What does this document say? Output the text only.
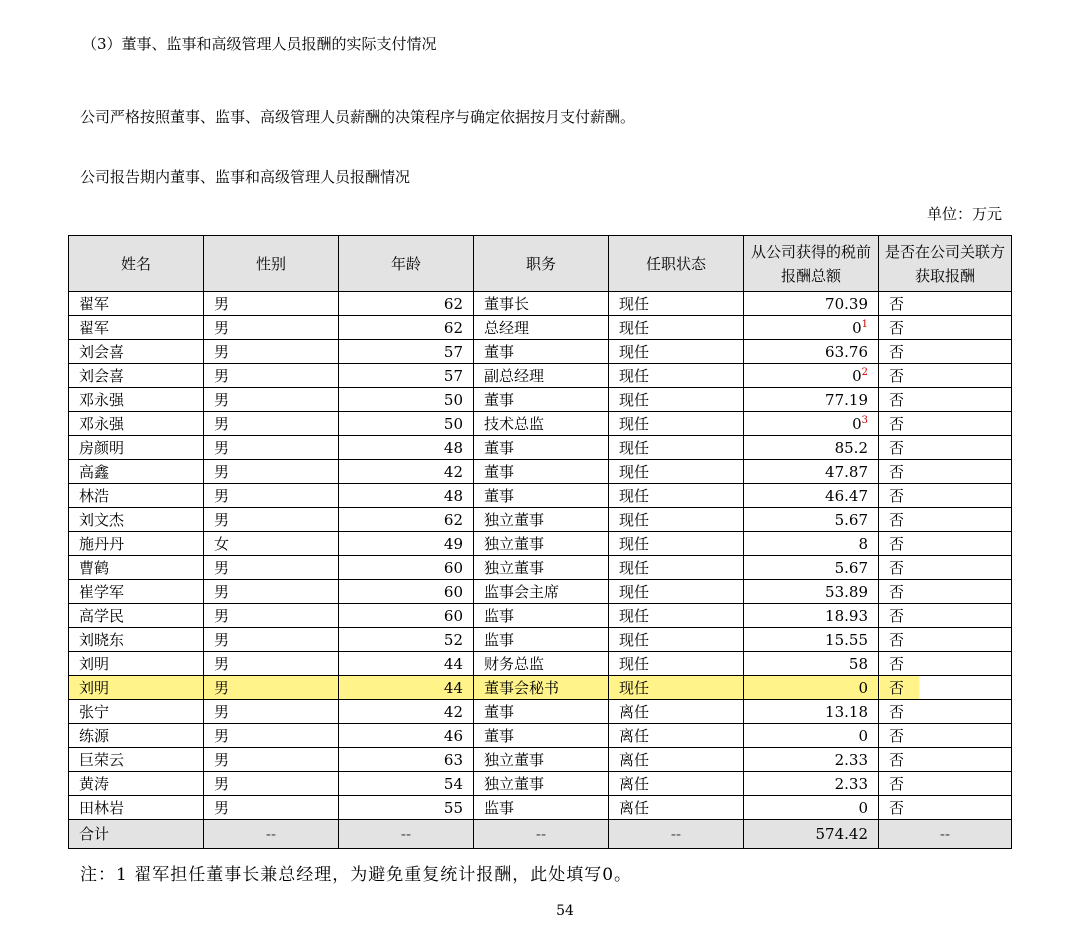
（3）董事、监事和高级管理人员报酬的实际支付情况
公司严格按照董事、监事、高级管理人员薪酬的决策程序与确定依据按月支付薪酬。
公司报告期内董事、监事和高级管理人员报酬情况
单位：万元
姓名	性别	年龄	职务	任职状态	从公司获得的税前报酬总额	是否在公司关联方获取报酬
翟军	男	62	董事长	现任	70.39	否
翟军	男	62	总经理	现任	$0^1$	否
刘会喜	男	57	董事	现任	63.76	否
刘会喜	男	57	副总经理	现任	$0^2$	否
邓永强	男	50	董事	现任	77.19	否
邓永强	男	50	技术总监	现任	$0^3$	否
房颜明	男	48	董事	现任	85.2	否
高鑫	男	42	董事	现任	47.87	否
林浩	男	48	董事	现任	46.47	否
刘文杰	男	62	独立董事	现任	5.67	否
施丹丹	女	49	独立董事	现任	8	否
曹鹤	男	60	独立董事	现任	5.67	否
崔学军	男	60	监事会主席	现任	53.89	否
高学民	男	60	监事	现任	18.93	否
刘晓东	男	52	监事	现任	15.55	否
刘明	男	44	财务总监	现任	58	否
刘明	男	44	董事会秘书	现任	0	否
张宁	男	42	董事	离任	13.18	否
练源	男	46	董事	离任	0	否
巨荣云	男	63	独立董事	离任	2.33	否
黄涛	男	54	独立董事	离任	2.33	否
田林岩	男	55	监事	离任	0	否
合计	--	--	--	--	574.42	--
注：1 翟军担任董事长兼总经理，为避免重复统计报酬，此处填写0。
54
